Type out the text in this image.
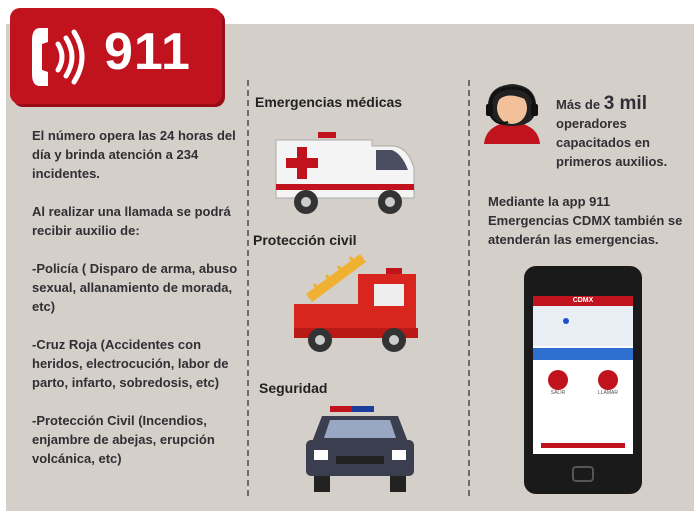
911

El número opera las 24 horas del día y brinda atención a 234 incidentes.

Al realizar una llamada se podrá recibir auxilio de:

-Policía ( Disparo de arma, abuso sexual, allanamiento de morada, etc)

-Cruz Roja (Accidentes con heridos, electrocución, labor de parto, infarto, sobredosis, etc)

-Protección Civil (Incendios, enjambre de abejas, erupción volcánica, etc)

Emergencias médicas
Protección civil
Seguridad
Más de 3 mil
operadores capacitados en primeros auxilios.
Mediante la app 911 Emergencias CDMX también se atenderán las emergencias.
CDMX
SALIR	LLAMAR
